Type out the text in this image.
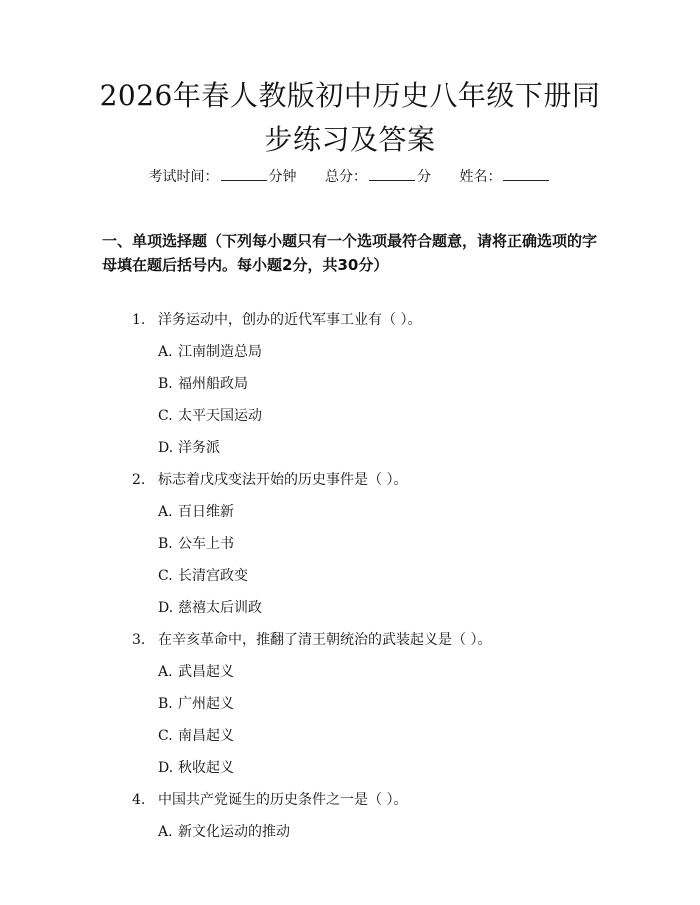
2026年春人教版初中历史八年级下册同步练习及答案
考试时间：	分钟 总分：	分 姓名：
一、单项选择题（下列每小题只有一个选项最符合题意，请将正确选项的字母填在题后括号内。每小题2分，共30分）
1. 洋务运动中，创办的近代军事工业有（ ）。
A. 江南制造总局
B. 福州船政局
C. 太平天国运动
D. 洋务派
2. 标志着戊戌变法开始的历史事件是（ ）。
A. 百日维新
B. 公车上书
C. 长清宫政变
D. 慈禧太后训政
3. 在辛亥革命中，推翻了清王朝统治的武装起义是（ ）。
A. 武昌起义
B. 广州起义
C. 南昌起义
D. 秋收起义
4. 中国共产党诞生的历史条件之一是（ ）。
A. 新文化运动的推动
